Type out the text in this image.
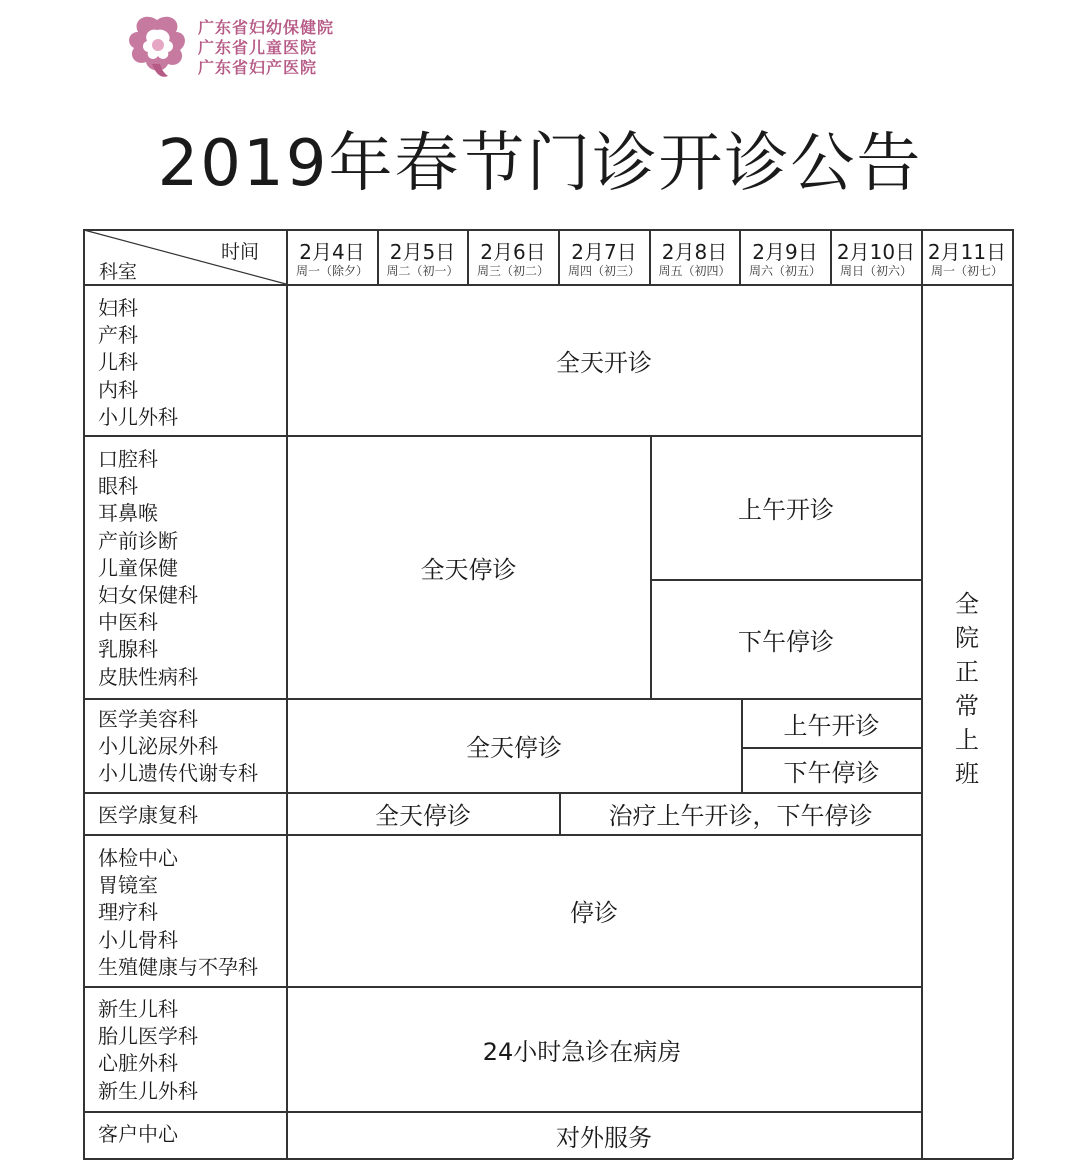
广东省妇幼保健院
广东省儿童医院
广东省妇产医院
2019年春节门诊开诊公告
时间
科室
2月4日
周一（除夕）
2月5日
周二（初一）
2月6日
周三（初二）
2月7日
周四（初三）
2月8日
周五（初四）
2月9日
周六（初五）
2月10日
周日（初六）
2月11日
周一（初七）
妇科
产科
儿科
内科
小儿外科
口腔科
眼科
耳鼻喉
产前诊断
儿童保健
妇女保健科
中医科
乳腺科
皮肤性病科
医学美容科
小儿泌尿外科
小儿遗传代谢专科
医学康复科
体检中心
胃镜室
理疗科
小儿骨科
生殖健康与不孕科
新生儿科
胎儿医学科
心脏外科
新生儿外科
客户中心
全天开诊
全天停诊
上午开诊
下午停诊
全天停诊
上午开诊
下午停诊
全天停诊	治疗上午开诊，下午停诊
停诊
24小时急诊在病房
对外服务
全
院
正
常
上
班
